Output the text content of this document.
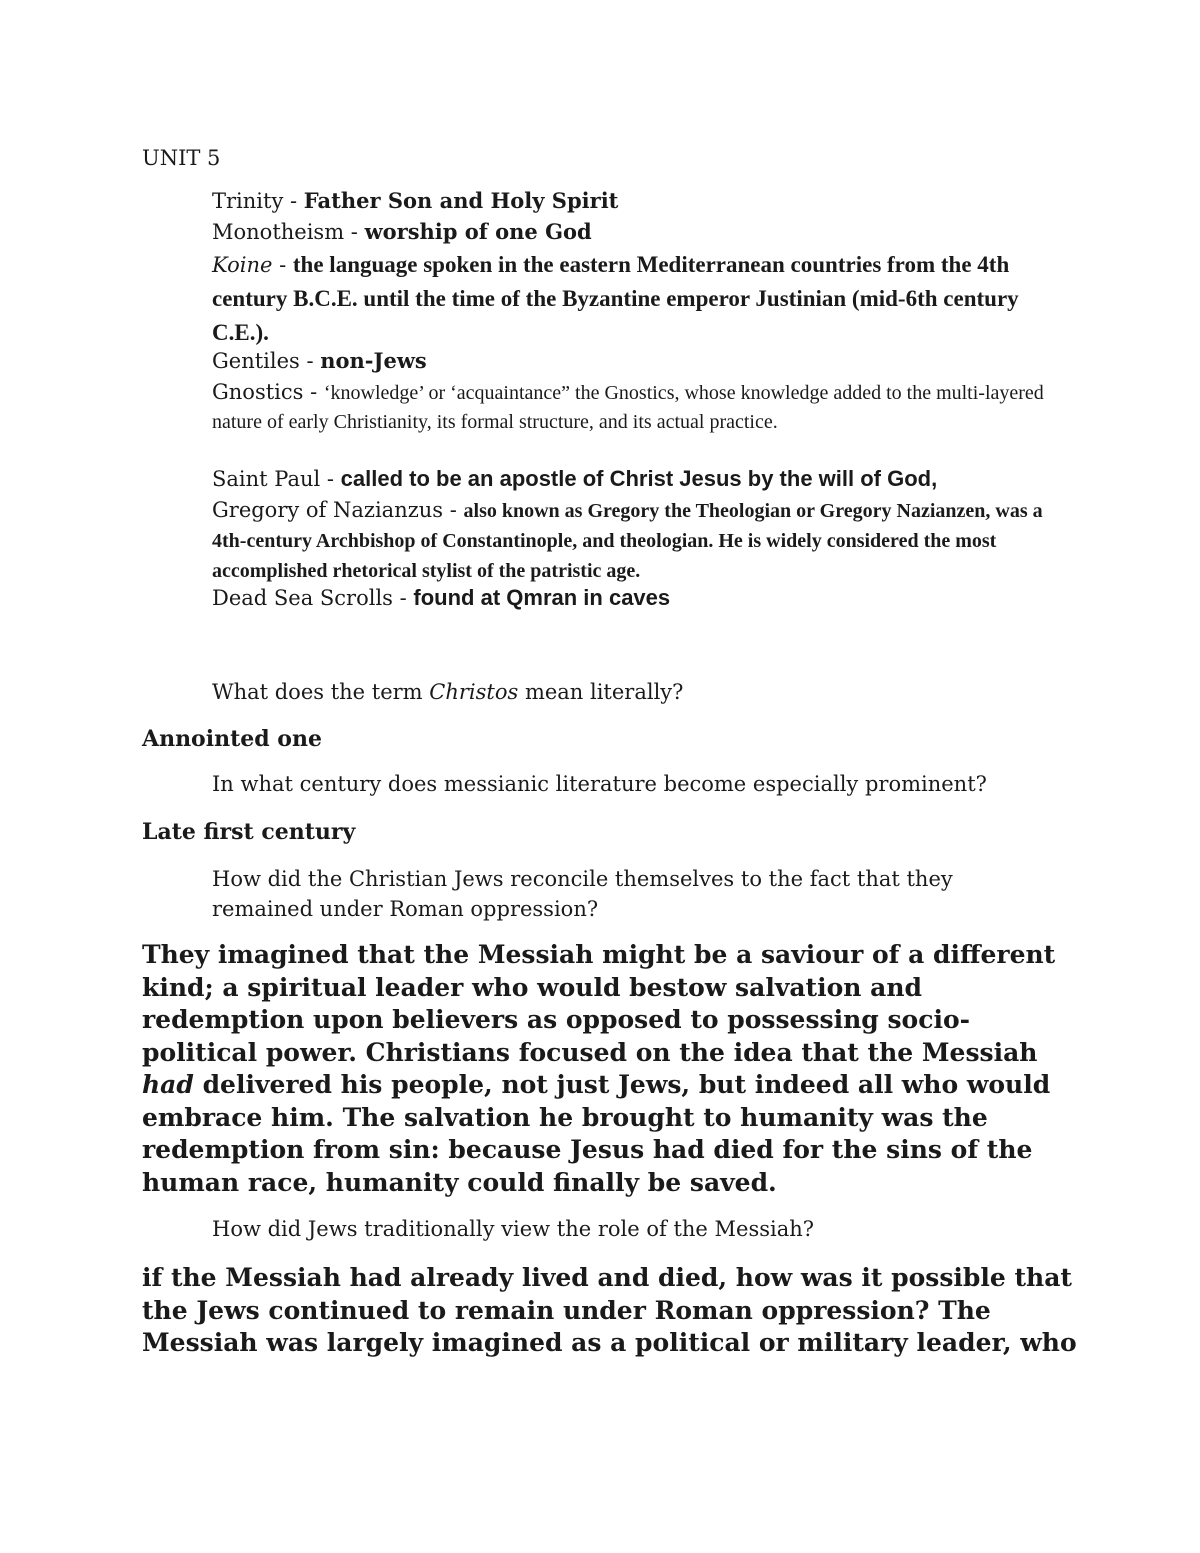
UNIT 5
Trinity - Father Son and Holy Spirit
Monotheism - worship of one God
Koine - the language spoken in the eastern Mediterranean countries from the 4th century B.C.E. until the time of the Byzantine emperor Justinian (mid-6th century C.E.).
Gentiles - non-Jews
Gnostics - ‘knowledge’ or ‘acquaintance” the Gnostics, whose knowledge added to the multi-layered nature of early Christianity, its formal structure, and its actual practice.
Saint Paul - called to be an apostle of Christ Jesus by the will of God,
Gregory of Nazianzus - also known as Gregory the Theologian or Gregory Nazianzen, was a 4th-century Archbishop of Constantinople, and theologian. He is widely considered the most accomplished rhetorical stylist of the patristic age.
Dead Sea Scrolls - found at Qmran in caves
What does the term Christos mean literally?
Annointed one
In what century does messianic literature become especially prominent?
Late first century
How did the Christian Jews reconcile themselves to the fact that they remained under Roman oppression?
They imagined that the Messiah might be a saviour of a different kind; a spiritual leader who would bestow salvation and redemption upon believers as opposed to possessing socio-political power. Christians focused on the idea that the Messiah had delivered his people, not just Jews, but indeed all who would embrace him. The salvation he brought to humanity was the redemption from sin: because Jesus had died for the sins of the human race, humanity could finally be saved.
How did Jews traditionally view the role of the Messiah?
if the Messiah had already lived and died, how was it possible that the Jews continued to remain under Roman oppression? The Messiah was largely imagined as a political or military leader, who
